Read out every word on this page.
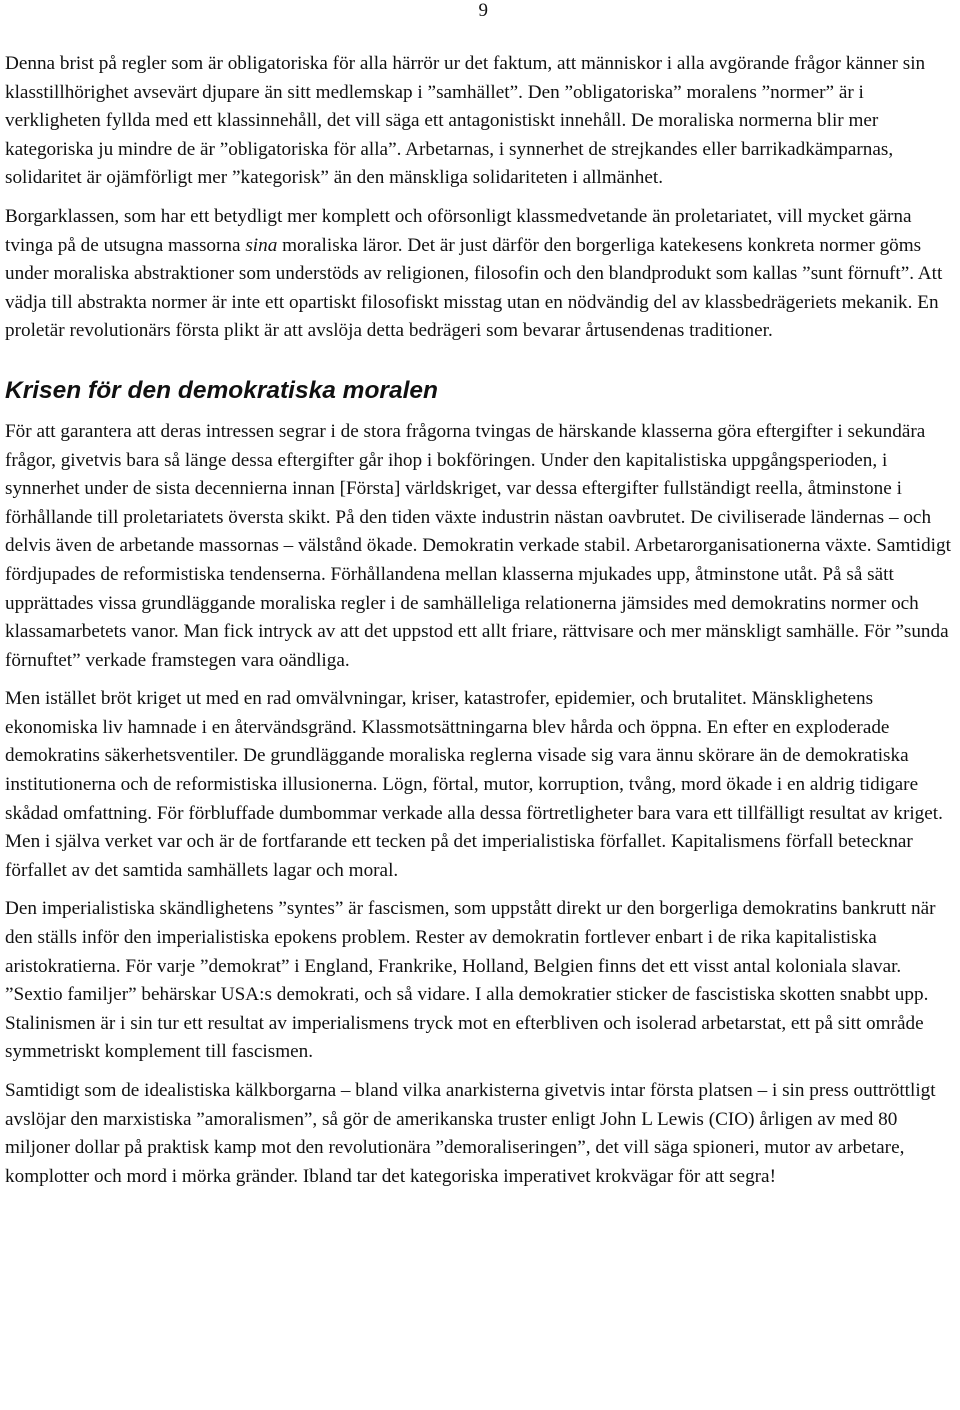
9

Denna brist på regler som är obligatoriska för alla härrör ur det faktum, att människor i alla avgörande frågor känner sin klasstillhörighet avsevärt djupare än sitt medlemskap i ”samhället”. Den ”obligatoriska” moralens ”normer” är i verkligheten fyllda med ett klassinnehåll, det vill säga ett antagonistiskt innehåll. De moraliska normerna blir mer kategoriska ju mindre de är ”obligatoriska för alla”. Arbetarnas, i synnerhet de strejkandes eller barrikadkämparnas, solidaritet är ojämförligt mer ”kategorisk” än den mänskliga solidariteten i allmänhet.

Borgarklassen, som har ett betydligt mer komplett och oförsonligt klassmedvetande än proletariatet, vill mycket gärna tvinga på de utsugna massorna sina moraliska läror. Det är just därför den borgerliga katekesens konkreta normer göms under moraliska abstraktioner som understöds av religionen, filosofin och den blandprodukt som kallas ”sunt förnuft”. Att vädja till abstrakta normer är inte ett opartiskt filosofiskt misstag utan en nödvändig del av klassbedrägeriets mekanik. En proletär revolutionärs första plikt är att avslöja detta bedrägeri som bevarar årtusendenas traditioner.

Krisen för den demokratiska moralen

För att garantera att deras intressen segrar i de stora frågorna tvingas de härskande klasserna göra eftergifter i sekundära frågor, givetvis bara så länge dessa eftergifter går ihop i bokföringen. Under den kapitalistiska uppgångsperioden, i synnerhet under de sista decennierna innan [Första] världskriget, var dessa eftergifter fullständigt reella, åtminstone i förhållande till proletariatets översta skikt. På den tiden växte industrin nästan oavbrutet. De civiliserade ländernas – och delvis även de arbetande massornas – välstånd ökade. Demokratin verkade stabil. Arbetarorganisationerna växte. Samtidigt fördjupades de reformistiska tendenserna. Förhållandena mellan klasserna mjukades upp, åtminstone utåt. På så sätt upprättades vissa grundläggande moraliska regler i de samhälleliga relationerna jämsides med demokratins normer och klassamarbetets vanor. Man fick intryck av att det uppstod ett allt friare, rättvisare och mer mänskligt samhälle. För ”sunda förnuftet” verkade framstegen vara oändliga.

Men istället bröt kriget ut med en rad omvälvningar, kriser, katastrofer, epidemier, och brutalitet. Mänsklighetens ekonomiska liv hamnade i en återvändsgränd. Klassmotsättningarna blev hårda och öppna. En efter en exploderade demokratins säkerhetsventiler. De grundläggande moraliska reglerna visade sig vara ännu skörare än de demokratiska institutionerna och de reformistiska illusionerna. Lögn, förtal, mutor, korruption, tvång, mord ökade i en aldrig tidigare skådad omfattning. För förbluffade dumbommar verkade alla dessa förtretligheter bara vara ett tillfälligt resultat av kriget. Men i själva verket var och är de fortfarande ett tecken på det imperialistiska förfallet. Kapitalismens förfall betecknar förfallet av det samtida samhällets lagar och moral.

Den imperialistiska skändlighetens ”syntes” är fascismen, som uppstått direkt ur den borgerliga demokratins bankrutt när den ställs inför den imperialistiska epokens problem. Rester av demokratin fortlever enbart i de rika kapitalistiska aristokratierna. För varje ”demokrat” i England, Frankrike, Holland, Belgien finns det ett visst antal koloniala slavar. ”Sextio familjer” behärskar USA:s demokrati, och så vidare. I alla demokratier sticker de fascistiska skotten snabbt upp. Stalinismen är i sin tur ett resultat av imperialismens tryck mot en efterbliven och isolerad arbetarstat, ett på sitt område symmetriskt komplement till fascismen.

Samtidigt som de idealistiska kälkborgarna – bland vilka anarkisterna givetvis intar första platsen – i sin press outtröttligt avslöjar den marxistiska ”amoralismen”, så gör de amerikanska truster enligt John L Lewis (CIO) årligen av med 80 miljoner dollar på praktisk kamp mot den revolutionära ”demoraliseringen”, det vill säga spioneri, mutor av arbetare, komplotter och mord i mörka gränder. Ibland tar det kategoriska imperativet krokvägar för att segra!
